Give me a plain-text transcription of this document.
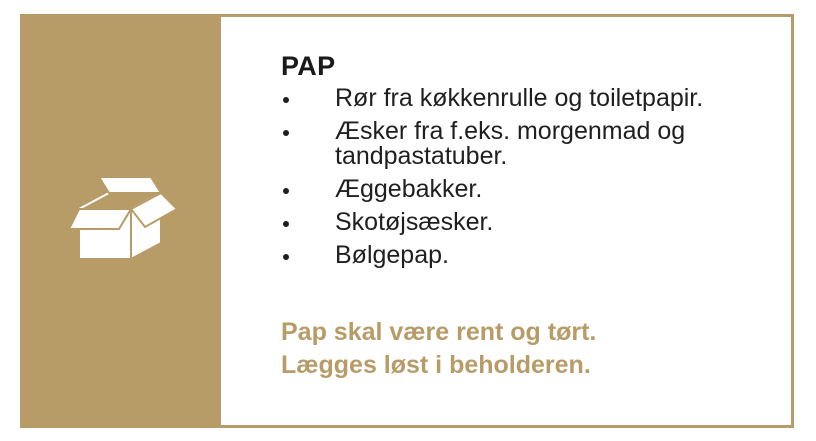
PAP
Rør fra køkkenrulle og toiletpapir.
Æsker fra f.eks. morgenmad og tandpastatuber.
Æggebakker.
Skotøjsæsker.
Bølgepap.
Pap skal være rent og tørt.
Lægges løst i beholderen.
